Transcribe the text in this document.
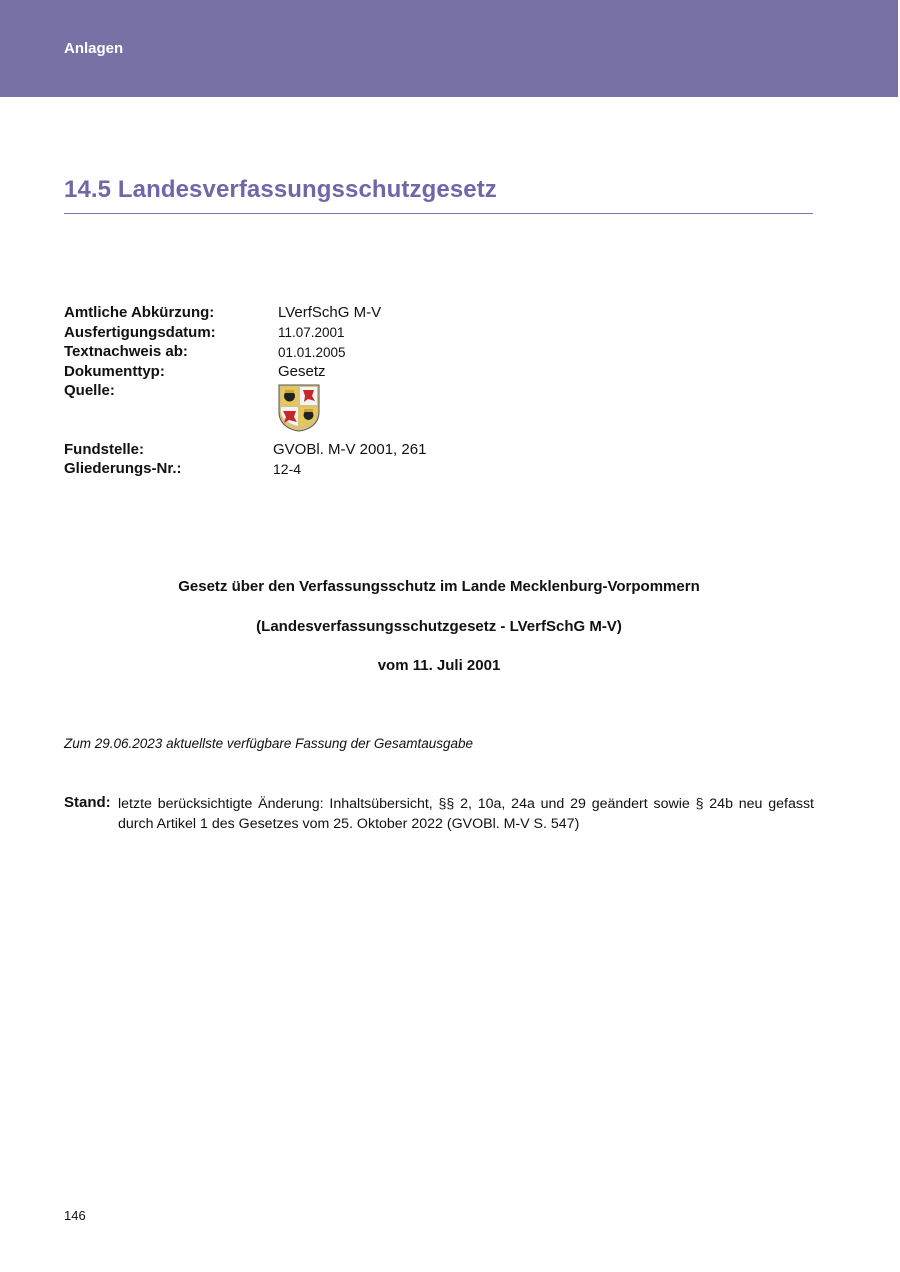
Anlagen
14.5 Landesverfassungsschutzgesetz
Amtliche Abkürzung:	LVerfSchG M-V
Ausfertigungsdatum:	11.07.2001
Textnachweis ab:	01.01.2005
Dokumenttyp:	Gesetz
Quelle:
Fundstelle:	GVOBl. M-V 2001, 261
Gliederungs-Nr.:	12-4
Gesetz über den Verfassungsschutz im Lande Mecklenburg-Vorpommern
(Landesverfassungsschutzgesetz - LVerfSchG M-V)
vom 11. Juli 2001
Zum 29.06.2023 aktuellste verfügbare Fassung der Gesamtausgabe
Stand: letzte berücksichtigte Änderung: Inhaltsübersicht, §§ 2, 10a, 24a und 29 geändert sowie § 24b neu gefasst durch Artikel 1 des Gesetzes vom 25. Oktober 2022 (GVOBl. M-V S. 547)
146
